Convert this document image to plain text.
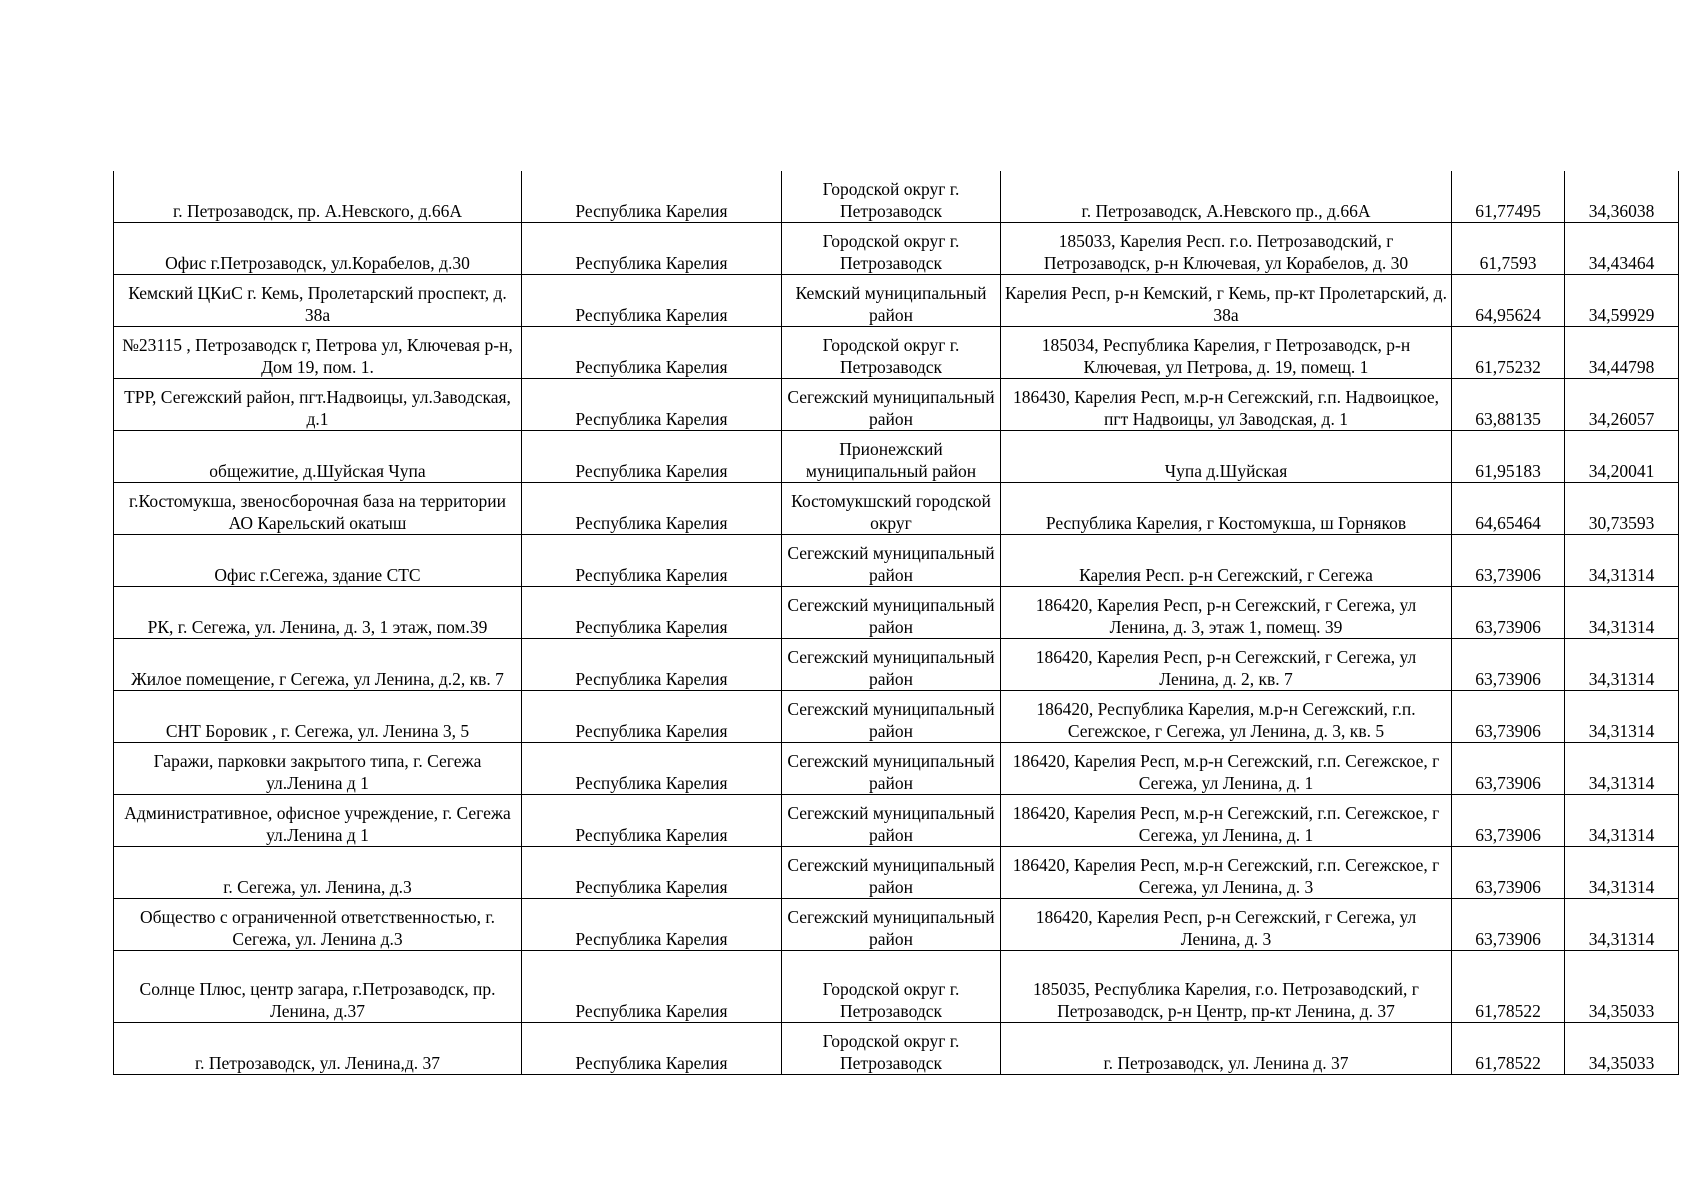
г. Петрозаводск, пр. А.Невского, д.66А	Республика Карелия	Городской округ г. Петрозаводск	г. Петрозаводск, А.Невского пр., д.66А	61,77495	34,36038
Офис г.Петрозаводск, ул.Корабелов, д.30	Республика Карелия	Городской округ г. Петрозаводск	185033, Карелия Респ. г.о. Петрозаводский, г Петрозаводск, р-н Ключевая, ул Корабелов, д. 30	61,7593	34,43464
Кемский ЦКиС г. Кемь, Пролетарский проспект, д. 38а	Республика Карелия	Кемский муниципальный район	Карелия Респ, р-н Кемский, г Кемь, пр-кт Пролетарский, д. 38а	64,95624	34,59929
№23115 , Петрозаводск г, Петрова ул, Ключевая р-н, Дом 19, пом. 1.	Республика Карелия	Городской округ г. Петрозаводск	185034, Республика Карелия, г Петрозаводск, р-н Ключевая, ул Петрова, д. 19, помещ. 1	61,75232	34,44798
ТРР, Сегежский район, пгт.Надвоицы, ул.Заводская, д.1	Республика Карелия	Сегежский муниципальный район	186430, Карелия Респ, м.р-н Сегежский, г.п. Надвоицкое, пгт Надвоицы, ул Заводская, д. 1	63,88135	34,26057
общежитие, д.Шуйская Чупа	Республика Карелия	Прионежский муниципальный район	Чупа д.Шуйская	61,95183	34,20041
г.Костомукша, звеносборочная база на территории АО Карельский окатыш	Республика Карелия	Костомукшский городской округ	Республика Карелия, г Костомукша, ш Горняков	64,65464	30,73593
Офис г.Сегежа, здание СТС	Республика Карелия	Сегежский муниципальный район	Карелия Респ. р-н Сегежский, г Сегежа	63,73906	34,31314
РК, г. Сегежа, ул. Ленина, д. 3, 1 этаж, пом.39	Республика Карелия	Сегежский муниципальный район	186420, Карелия Респ, р-н Сегежский, г Сегежа, ул Ленина, д. 3, этаж 1, помещ. 39	63,73906	34,31314
Жилое помещение, г Сегежа, ул Ленина, д.2, кв. 7	Республика Карелия	Сегежский муниципальный район	186420, Карелия Респ, р-н Сегежский, г Сегежа, ул Ленина, д. 2, кв. 7	63,73906	34,31314
СНТ Боровик , г. Сегежа, ул. Ленина 3, 5	Республика Карелия	Сегежский муниципальный район	186420, Республика Карелия, м.р-н Сегежский, г.п. Сегежское, г Сегежа, ул Ленина, д. 3, кв. 5	63,73906	34,31314
Гаражи, парковки закрытого типа, г. Сегежа ул.Ленина д 1	Республика Карелия	Сегежский муниципальный район	186420, Карелия Респ, м.р-н Сегежский, г.п. Сегежское, г Сегежа, ул Ленина, д. 1	63,73906	34,31314
Административное, офисное учреждение, г. Сегежа ул.Ленина д 1	Республика Карелия	Сегежский муниципальный район	186420, Карелия Респ, м.р-н Сегежский, г.п. Сегежское, г Сегежа, ул Ленина, д. 1	63,73906	34,31314
г. Сегежа, ул. Ленина, д.3	Республика Карелия	Сегежский муниципальный район	186420, Карелия Респ, м.р-н Сегежский, г.п. Сегежское, г Сегежа, ул Ленина, д. 3	63,73906	34,31314
Общество с ограниченной ответственностью, г. Сегежа, ул. Ленина д.3	Республика Карелия	Сегежский муниципальный район	186420, Карелия Респ, р-н Сегежский, г Сегежа, ул Ленина, д. 3	63,73906	34,31314
Солнце Плюс, центр загара, г.Петрозаводск, пр. Ленина, д.37	Республика Карелия	Городской округ г. Петрозаводск	185035, Республика Карелия, г.о. Петрозаводский, г Петрозаводск, р-н Центр, пр-кт Ленина, д. 37	61,78522	34,35033
г. Петрозаводск, ул. Ленина,д. 37	Республика Карелия	Городской округ г. Петрозаводск	г. Петрозаводск, ул. Ленина д. 37	61,78522	34,35033
